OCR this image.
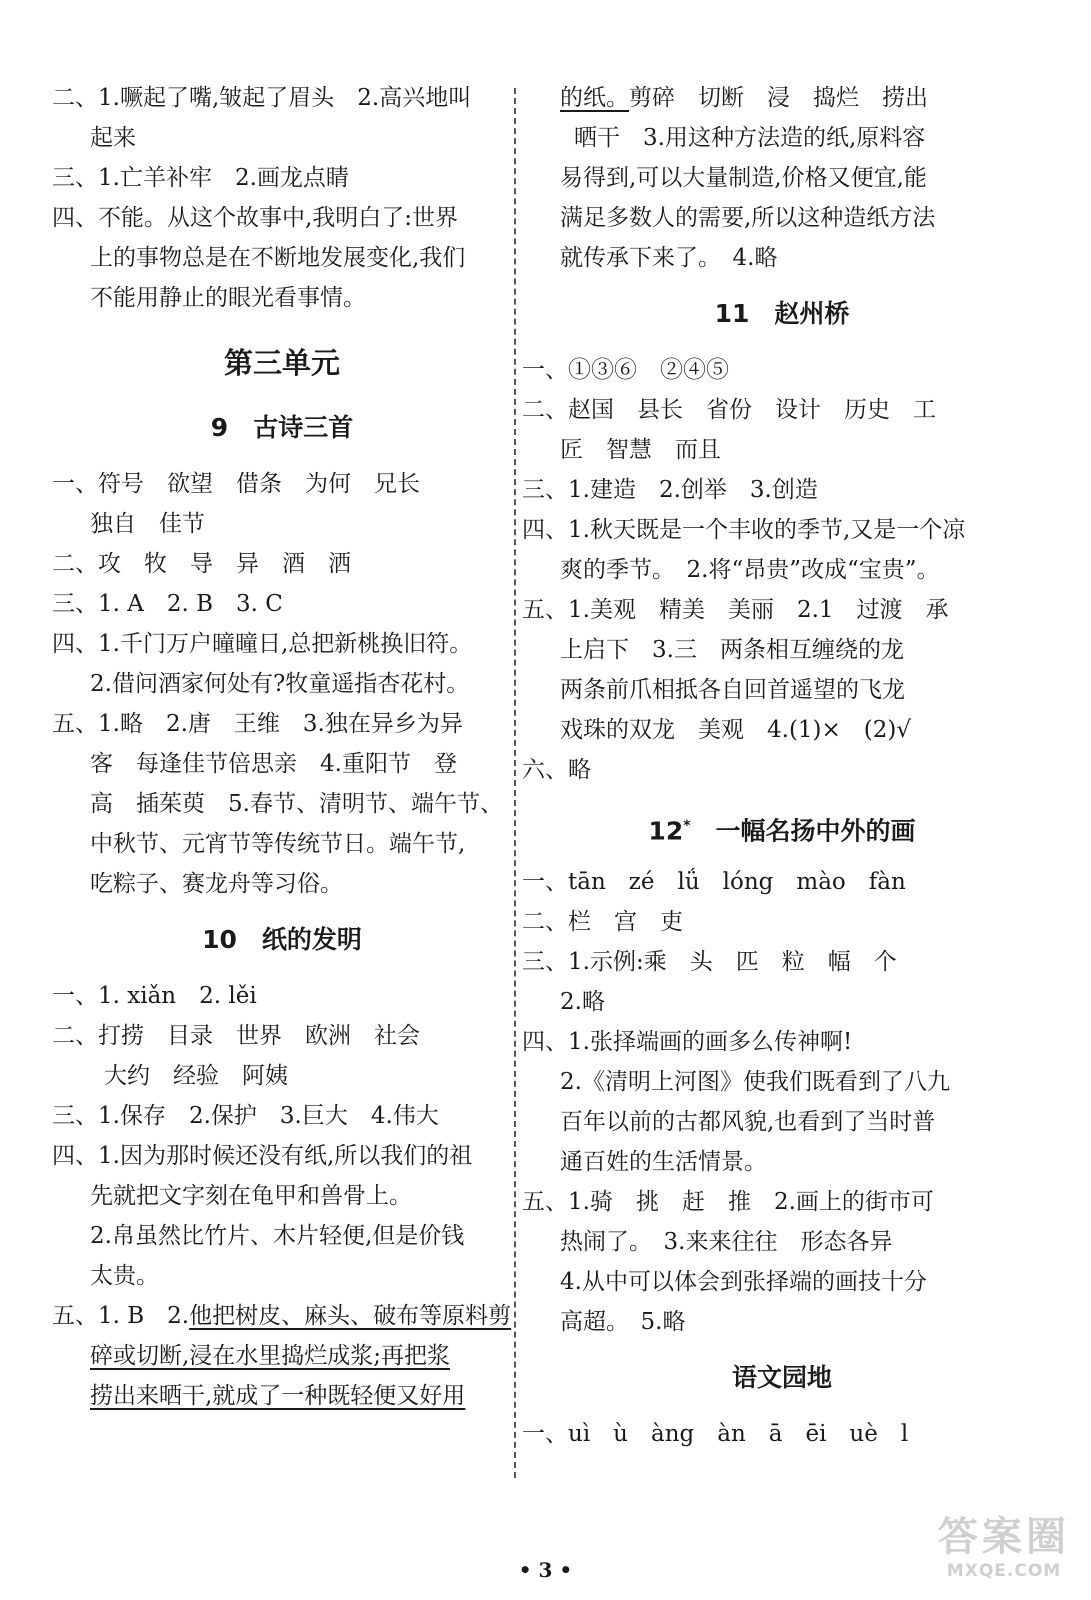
二、1.噘起了嘴,皱起了眉头　2.高兴地叫
起来
三、1.亡羊补牢　2.画龙点睛
四、不能。从这个故事中,我明白了:世界
上的事物总是在不断地发展变化,我们
不能用静止的眼光看事情。
第三单元
9　古诗三首
一、符号　欲望　借条　为何　兄长
独自　佳节
二、攻　牧　导　异　酒　洒
三、1. A　2. B　3. C
四、1.千门万户曈曈日,总把新桃换旧符。
2.借问酒家何处有?牧童遥指杏花村。
五、1.略　2.唐　王维　3.独在异乡为异
客　每逢佳节倍思亲　4.重阳节　登
高　插茱萸　5.春节、清明节、端午节、
中秋节、元宵节等传统节日。端午节,
吃粽子、赛龙舟等习俗。
10　纸的发明
一、1. xiǎn　2. lěi
二、打捞　目录　世界　欧洲　社会
大约　经验　阿姨
三、1.保存　2.保护　3.巨大　4.伟大
四、1.因为那时候还没有纸,所以我们的祖
先就把文字刻在龟甲和兽骨上。
2.帛虽然比竹片、木片轻便,但是价钱
太贵。
五、1. B　2.他把树皮、麻头、破布等原料剪
碎或切断,浸在水里捣烂成浆;再把浆
捞出来晒干,就成了一种既轻便又好用
的纸。剪碎　切断　浸　捣烂　捞出
晒干　3.用这种方法造的纸,原料容
易得到,可以大量制造,价格又便宜,能
满足多数人的需要,所以这种造纸方法
就传承下来了。　4.略
11　赵州桥
一、①③⑥　②④⑤
二、赵国　县长　省份　设计　历史　工
匠　智慧　而且
三、1.建造　2.创举　3.创造
四、1.秋天既是一个丰收的季节,又是一个凉
爽的季节。　2.将“昂贵”改成“宝贵”。
五、1.美观　精美　美丽　2.1　过渡　承
上启下　3.三　两条相互缠绕的龙
两条前爪相抵各自回首遥望的飞龙
戏珠的双龙　美观　4.(1)×　(2)√
六、略
12*　一幅名扬中外的画
一、tān　zé　lǘ　lóng　mào　fàn
二、栏　宫　吏
三、1.示例:乘　头　匹　粒　幅　个
2.略
四、1.张择端画的画多么传神啊!
2.《清明上河图》使我们既看到了八九
百年以前的古都风貌,也看到了当时普
通百姓的生活情景。
五、1.骑　挑　赶　推　2.画上的街市可
热闹了。　3.来来往往　形态各异
4.从中可以体会到张择端的画技十分
高超。　5.略
语文园地
一、uì　ù　àng　àn　ā　ēi　uè　l
• 3 •
答案圈
MXQE.COM
